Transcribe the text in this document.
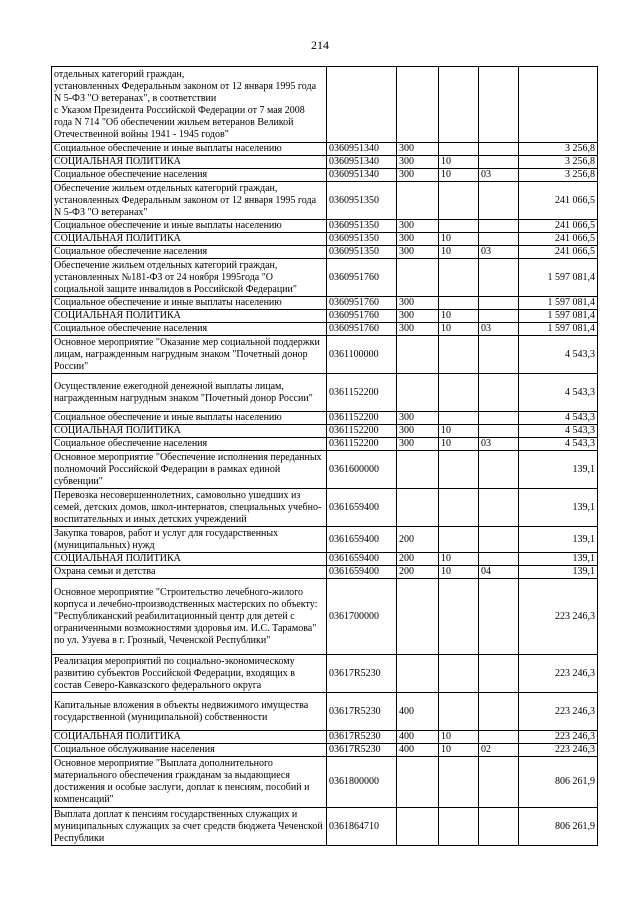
214
отдельных категорий граждан,
установленных Федеральным законом от 12 января 1995 года N 5-ФЗ "О ветеранах", в соответствии
с Указом Президента Российской Федерации от 7 мая 2008 года N 714 "Об обеспечении жильем ветеранов Великой Отечественной войны 1941 - 1945 годов"					
Социальное обеспечение и иные выплаты населению	0360951340	300			3 256,8
СОЦИАЛЬНАЯ ПОЛИТИКА	0360951340	300	10		3 256,8
Социальное обеспечение населения	0360951340	300	10	03	3 256,8
Обеспечение жильем отдельных категорий граждан, установленных Федеральным законом от 12 января 1995 года N 5-ФЗ "О ветеранах"	0360951350				241 066,5
Социальное обеспечение и иные выплаты населению	0360951350	300			241 066,5
СОЦИАЛЬНАЯ ПОЛИТИКА	0360951350	300	10		241 066,5
Социальное обеспечение населения	0360951350	300	10	03	241 066,5
Обеспечение жильем отдельных категорий граждан, установленных №181-ФЗ от 24 ноября 1995года "О социальной защите инвалидов в Российской Федерации"	0360951760				1 597 081,4
Социальное обеспечение и иные выплаты населению	0360951760	300			1 597 081,4
СОЦИАЛЬНАЯ ПОЛИТИКА	0360951760	300	10		1 597 081,4
Социальное обеспечение населения	0360951760	300	10	03	1 597 081,4
Основное мероприятие "Оказание мер социальной поддержки лицам, награжденным нагрудным знаком "Почетный донор России"	0361100000				4 543,3
Осуществление ежегодной денежной выплаты лицам, награжденным нагрудным знаком "Почетный донор России"	0361152200				4 543,3
Социальное обеспечение и иные выплаты населению	0361152200	300			4 543,3
СОЦИАЛЬНАЯ ПОЛИТИКА	0361152200	300	10		4 543,3
Социальное обеспечение населения	0361152200	300	10	03	4 543,3
Основное мероприятие "Обеспечение исполнения переданных полномочий Российской Федерации в рамках единой субвенции"	0361600000				139,1
Перевозка несовершеннолетних, самовольно ушедших из семей, детских домов, школ-интернатов, специальных учебно-воспитательных и иных детских учреждений	0361659400				139,1
Закупка товаров, работ и услуг для государственных (муниципальных) нужд	0361659400	200			139,1
СОЦИАЛЬНАЯ ПОЛИТИКА	0361659400	200	10		139,1
Охрана семьи и детства	0361659400	200	10	04	139,1
Основное мероприятие "Строительство лечебного-жилого корпуса и лечебно-производственных мастерских по объекту: "Республиканский реабилитационный центр для детей с ограниченными возможностями здоровья им. И.С. Тарамова" по ул. Узуева в г. Грозный, Чеченской Республики"	0361700000				223 246,3
Реализация мероприятий по социально-экономическому развитию субъектов Российской Федерации, входящих в состав Северо-Кавказского федерального округа	03617R5230				223 246,3
Капитальные вложения в объекты недвижимого имущества государственной (муниципальной) собственности	03617R5230	400			223 246,3
СОЦИАЛЬНАЯ ПОЛИТИКА	03617R5230	400	10		223 246,3
Социальное обслуживание населения	03617R5230	400	10	02	223 246,3
Основное мероприятие "Выплата дополнительного материального обеспечения гражданам за выдающиеся достижения и особые заслуги, доплат к пенсиям, пособий и компенсаций"	0361800000				806 261,9
Выплата доплат к пенсиям государственных служащих и муниципальных служащих за счет средств бюджета Чеченской Республики	0361864710				806 261,9
